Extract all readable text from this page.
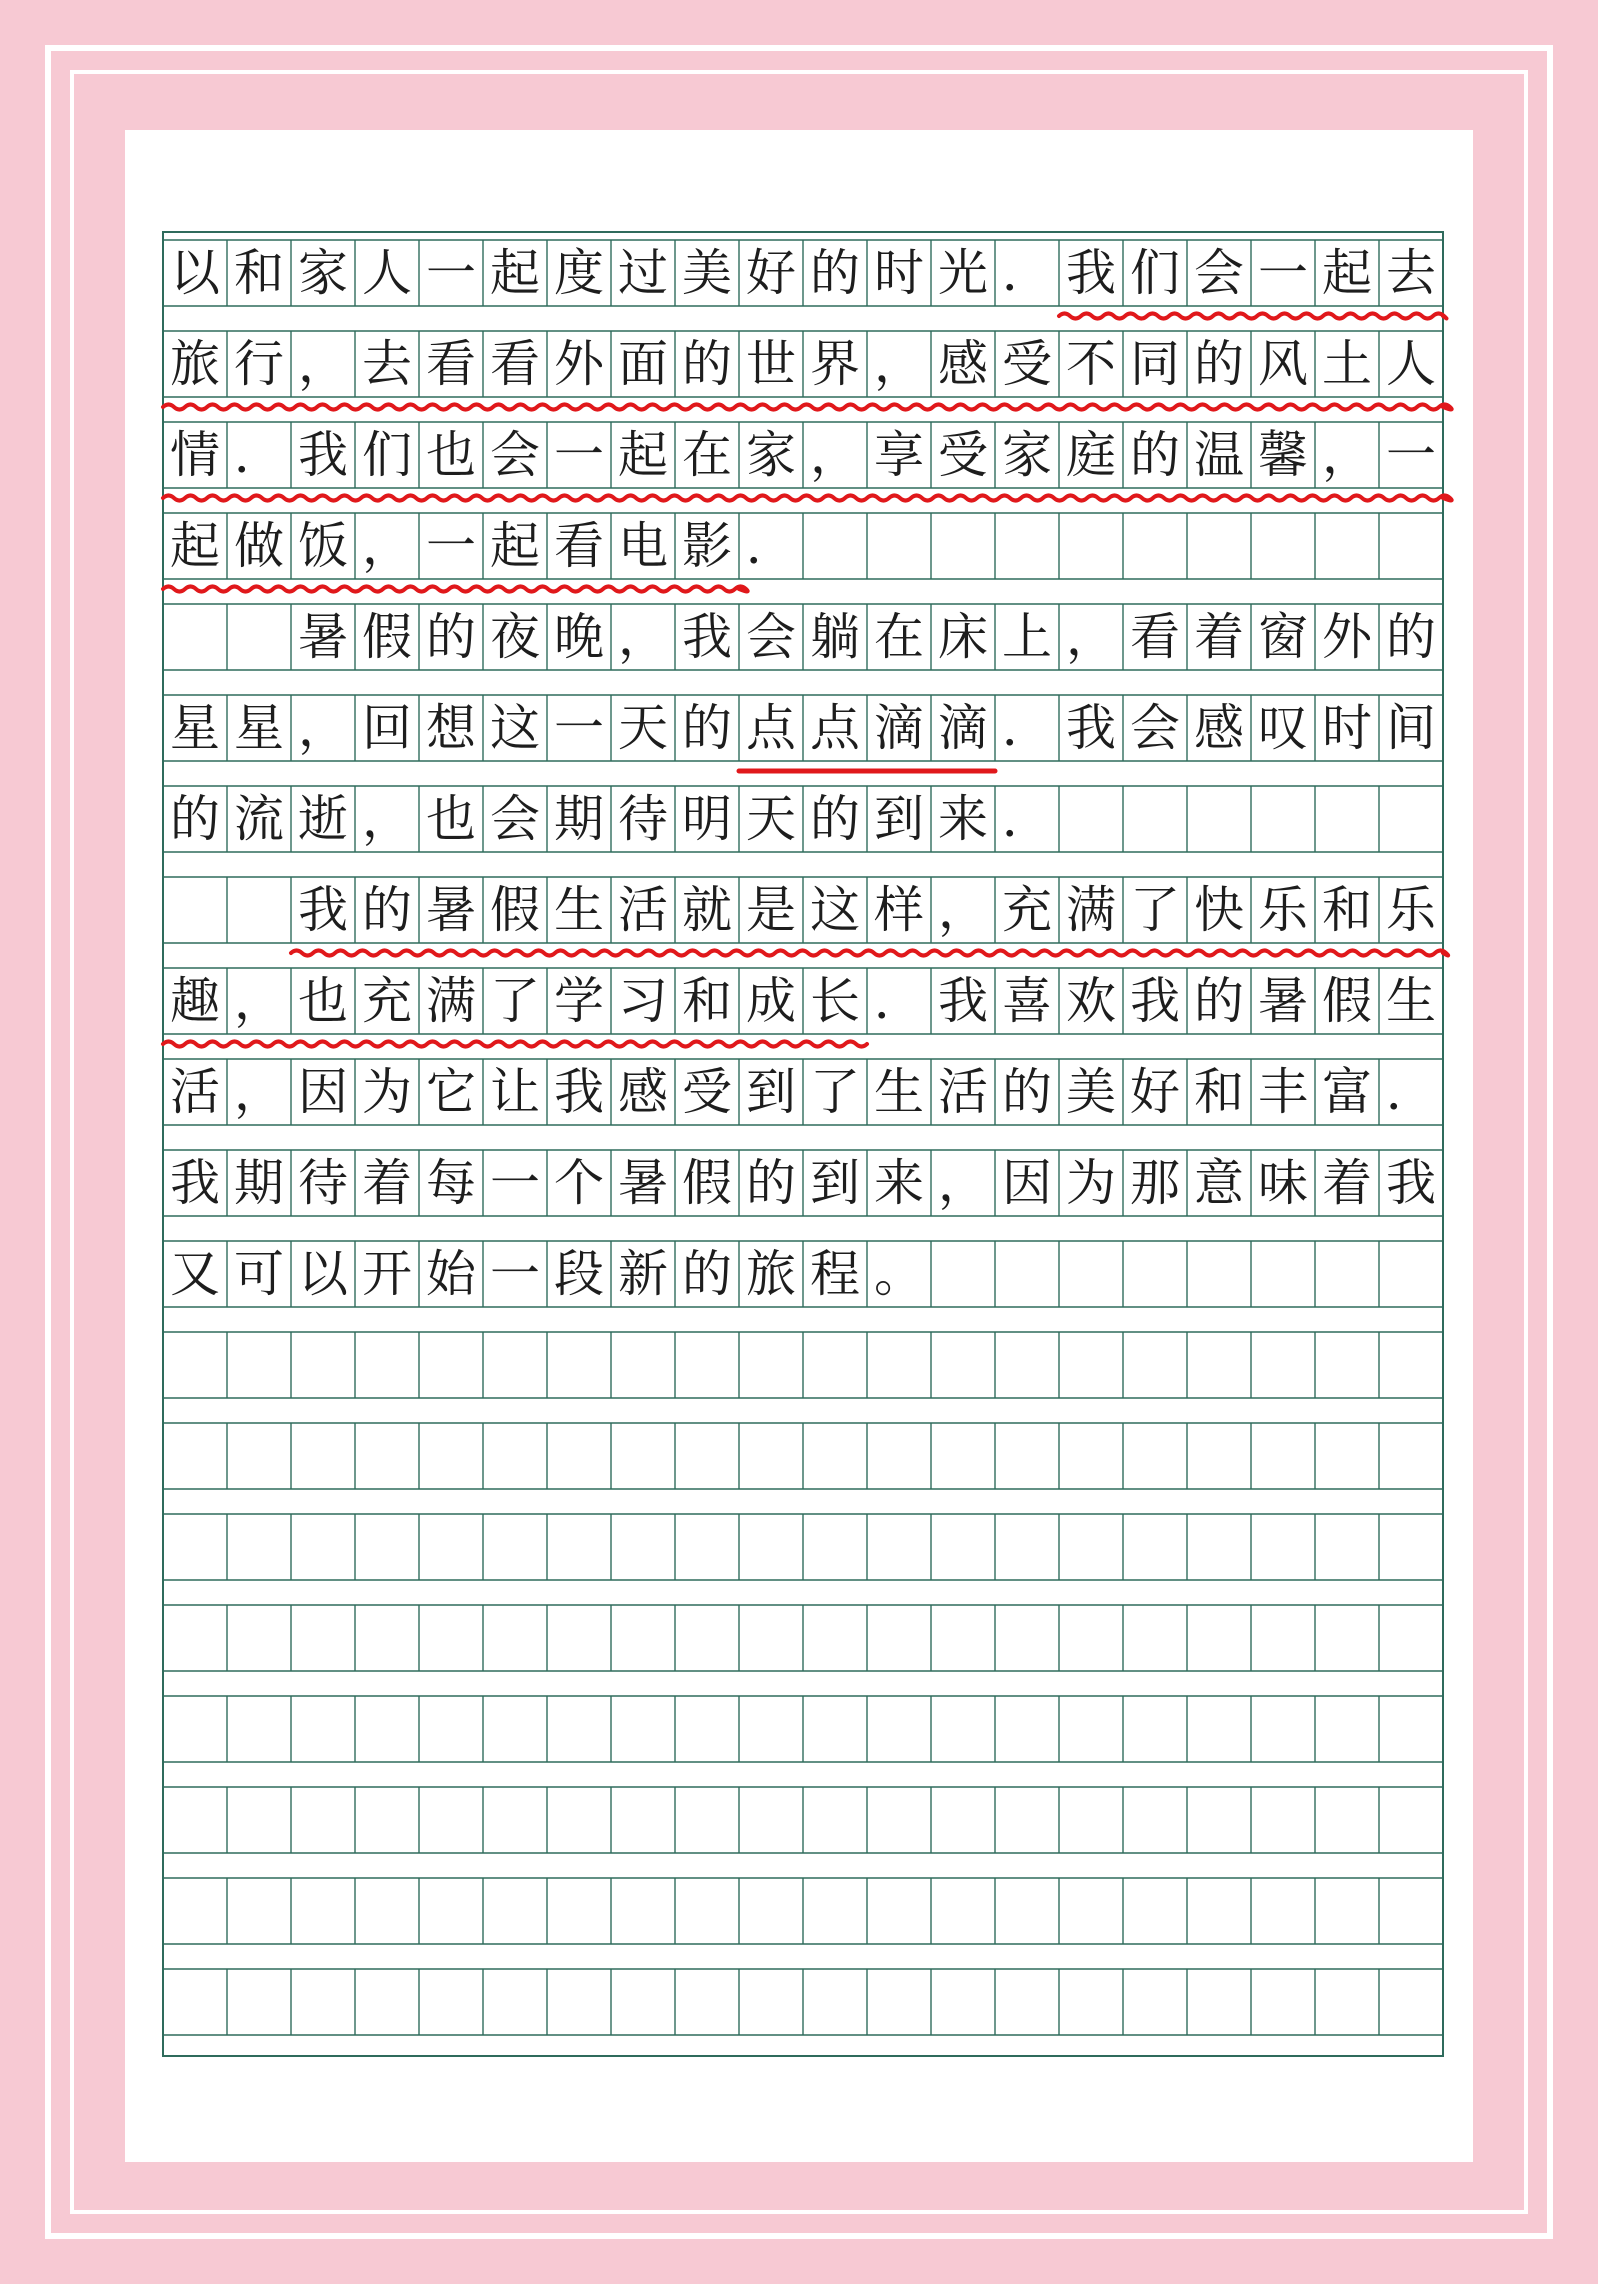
以 和 家 人 一 起 度 过 美 好 的 时 光 ． 我 们 会 一 起 去
旅 行 ， 去 看 看 外 面 的 世 界 ， 感 受 不 同 的 风 土 人
情 ． 我 们 也 会 一 起 在 家 ， 享 受 家 庭 的 温 馨 ， 一
起 做 饭 ， 一 起 看 电 影 ．
暑 假 的 夜 晚 ， 我 会 躺 在 床 上 ， 看 着 窗 外 的
星 星 ， 回 想 这 一 天 的 点 点 滴 滴 ． 我 会 感 叹 时 间
的 流 逝 ， 也 会 期 待 明 天 的 到 来 ．
我 的 暑 假 生 活 就 是 这 样 ， 充 满 了 快 乐 和 乐
趣 ， 也 充 满 了 学 习 和 成 长 ． 我 喜 欢 我 的 暑 假 生
活 ， 因 为 它 让 我 感 受 到 了 生 活 的 美 好 和 丰 富 ．
我 期 待 着 每 一 个 暑 假 的 到 来 ， 因 为 那 意 味 着 我
又 可 以 开 始 一 段 新 的 旅 程 。
